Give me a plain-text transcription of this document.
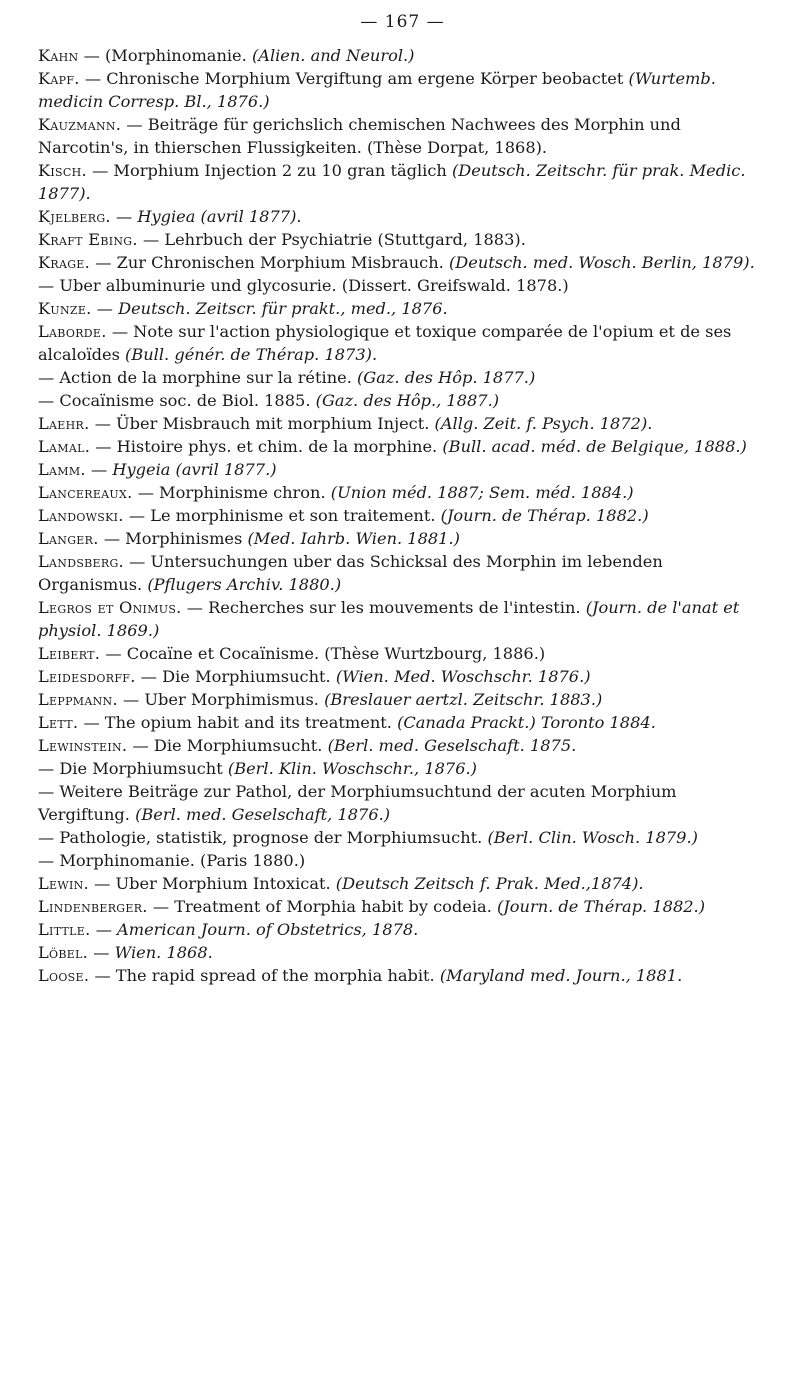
— 167 —

Kahn — (Morphinomanie. (Alien. and Neurol.)

Kapf. — Chronische Morphium Vergiftung am ergene Körper beobactet (Wurtemb. medicin Corresp. Bl., 1876.)

Kauzmann. — Beiträge für gerichslich chemischen Nachwees des Morphin und Narcotin's, in thierschen Flussigkeiten. (Thèse Dorpat, 1868).

Kisch. — Morphium Injection 2 zu 10 gran täglich (Deutsch. Zeitschr. für prak. Medic. 1877).

Kjelberg. — Hygiea (avril 1877).

Kraft Ebing. — Lehrbuch der Psychiatrie (Stuttgard, 1883).

Krage. — Zur Chronischen Morphium Misbrauch. (Deutsch. med. Wosch. Berlin, 1879).

— Uber albuminurie und glycosurie. (Dissert. Greifswald. 1878.)

Kunze. — Deutsch. Zeitscr. für prakt., med., 1876.

Laborde. — Note sur l'action physiologique et toxique comparée de l'opium et de ses alcaloïdes (Bull. génér. de Thérap. 1873).

— Action de la morphine sur la rétine. (Gaz. des Hôp. 1877.)

— Cocaïnisme soc. de Biol. 1885. (Gaz. des Hôp., 1887.)

Laehr. — Über Misbrauch mit morphium Inject. (Allg. Zeit. f. Psych. 1872).

Lamal. — Histoire phys. et chim. de la morphine. (Bull. acad. méd. de Belgique, 1888.)

Lamm. — Hygeia (avril 1877.)

Lancereaux. — Morphinisme chron. (Union méd. 1887; Sem. méd. 1884.)

Landowski. — Le morphinisme et son traitement. (Journ. de Thérap. 1882.)

Langer. — Morphinismes (Med. Iahrb. Wien. 1881.)

Landsberg. — Untersuchungen uber das Schicksal des Morphin im lebenden Organismus. (Pflugers Archiv. 1880.)

Legros et Onimus. — Recherches sur les mouvements de l'intestin. (Journ. de l'anat et physiol. 1869.)

Leibert. — Cocaïne et Cocaïnisme. (Thèse Wurtzbourg, 1886.)

Leidesdorff. — Die Morphiumsucht. (Wien. Med. Woschschr. 1876.)

Leppmann. — Uber Morphimismus. (Breslauer aertzl. Zeitschr. 1883.)

Lett. — The opium habit and its treatment. (Canada Prackt.) Toronto 1884.

Lewinstein. — Die Morphiumsucht. (Berl. med. Geselschaft. 1875.

— Die Morphiumsucht (Berl. Klin. Woschschr., 1876.)

— Weitere Beiträge zur Pathol, der Morphiumsuchtund der acuten Morphium Vergiftung. (Berl. med. Geselschaft, 1876.)

— Pathologie, statistik, prognose der Morphiumsucht. (Berl. Clin. Wosch. 1879.)

— Morphinomanie. (Paris 1880.)

Lewin. — Uber Morphium Intoxicat. (Deutsch Zeitsch f. Prak. Med.,1874).

Lindenberger. — Treatment of Morphia habit by codeia. (Journ. de Thérap. 1882.)

Little. — American Journ. of Obstetrics, 1878.

Löbel. — Wien. 1868.

Loose. — The rapid spread of the morphia habit. (Maryland med. Journ., 1881.
